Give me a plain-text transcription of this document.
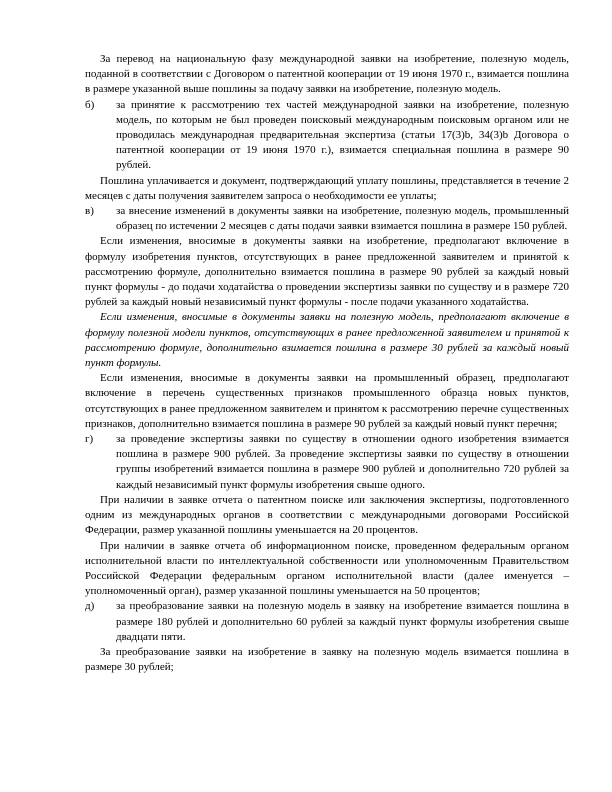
За перевод на национальную фазу международной заявки на изобретение, полезную модель, поданной в соответствии с Договором о патентной кооперации от 19 июня 1970 г., взимается пошлина в размере указанной выше пошлины за подачу заявки на изобретение, полезную модель.

б) за принятие к рассмотрению тех частей международной заявки на изобретение, полезную модель, по которым не был проведен поисковый международным поисковым органом или не проводилась международная предварительная экспертиза (статьи 17(3)b, 34(3)b Договора о патентной кооперации от 19 июня 1970 г.), взимается специальная пошлина в размере 90 рублей.

Пошлина уплачивается и документ, подтверждающий уплату пошлины, представляется в течение 2 месяцев с даты получения заявителем запроса о необходимости ее уплаты;

в) за внесение изменений в документы заявки на изобретение, полезную модель, промышленный образец по истечении 2 месяцев с даты подачи заявки взимается пошлина в размере 150 рублей.

Если изменения, вносимые в документы заявки на изобретение, предполагают включение в формулу изобретения пунктов, отсутствующих в ранее предложенной заявителем и принятой к рассмотрению формуле, дополнительно взимается пошлина в размере 90 рублей за каждый новый пункт формулы - до подачи ходатайства о проведении экспертизы заявки по существу и в размере 720 рублей за каждый новый независимый пункт формулы - после подачи указанного ходатайства.

Если изменения, вносимые в документы заявки на полезную модель, предполагают включение в формулу полезной модели пунктов, отсутствующих в ранее предложенной заявителем и принятой к рассмотрению формуле, дополнительно взимается пошлина в размере 30 рублей за каждый новый пункт формулы.

Если изменения, вносимые в документы заявки на промышленный образец, предполагают включение в перечень существенных признаков промышленного образца новых пунктов, отсутствующих в ранее предложенном заявителем и принятом к рассмотрению перечне существенных признаков, дополнительно взимается пошлина в размере 90 рублей за каждый новый пункт перечня;

г) за проведение экспертизы заявки по существу в отношении одного изобретения взимается пошлина в размере 900 рублей. За проведение экспертизы заявки по существу в отношении группы изобретений взимается пошлина в размере 900 рублей и дополнительно 720 рублей за каждый независимый пункт формулы изобретения свыше одного.

При наличии в заявке отчета о патентном поиске или заключения экспертизы, подготовленного одним из международных органов в соответствии с международными договорами Российской Федерации, размер указанной пошлины уменьшается на 20 процентов.

При наличии в заявке отчета об информационном поиске, проведенном федеральным органом исполнительной власти по интеллектуальной собственности или уполномоченным Правительством Российской Федерации федеральным органом исполнительной власти (далее именуется – уполномоченный орган), размер указанной пошлины уменьшается на 50 процентов;

д) за преобразование заявки на полезную модель в заявку на изобретение взимается пошлина в размере 180 рублей и дополнительно 60 рублей за каждый пункт формулы изобретения свыше двадцати пяти.

За преобразование заявки на изобретение в заявку на полезную модель взимается пошлина в размере 30 рублей;
